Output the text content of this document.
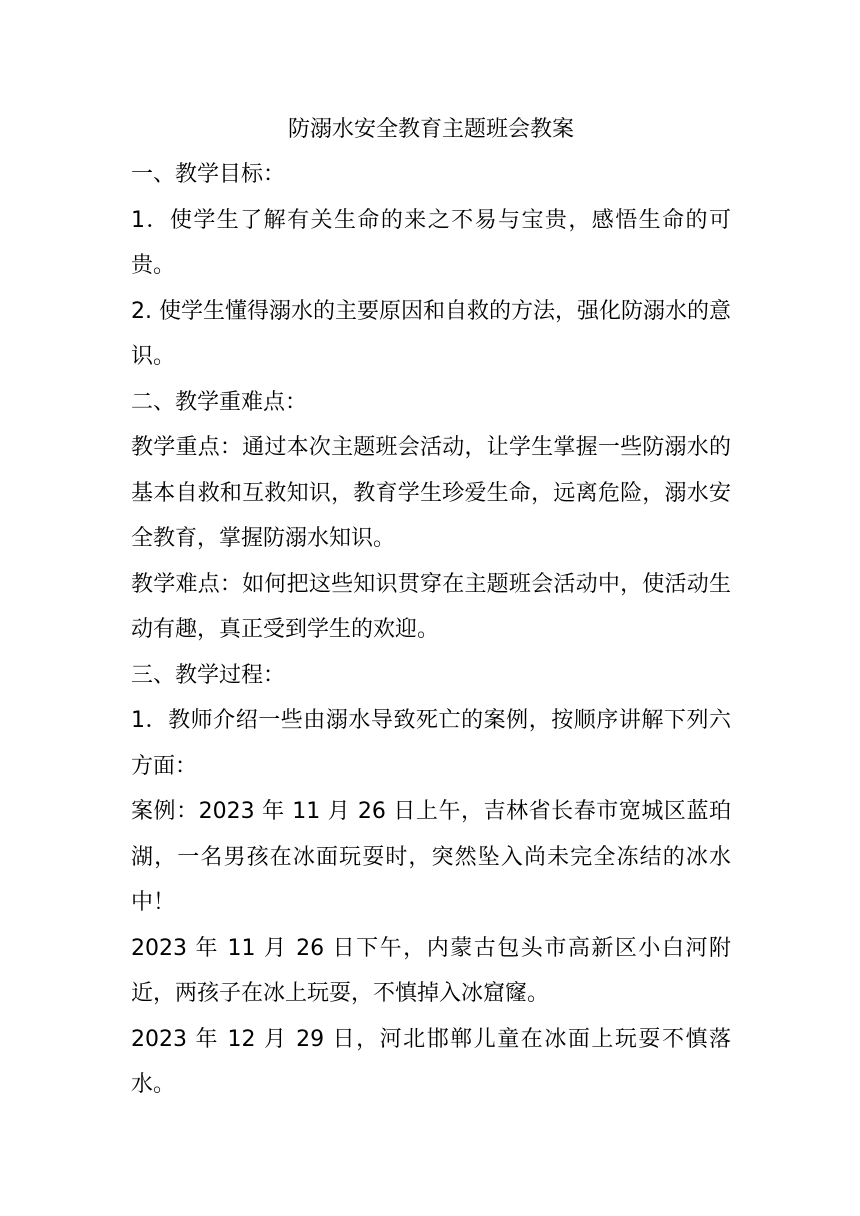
防溺水安全教育主题班会教案

一、教学目标：

1．使学生了解有关生命的来之不易与宝贵，感悟生命的可贵。

2. 使学生懂得溺水的主要原因和自救的方法，强化防溺水的意识。

二、教学重难点：

教学重点：通过本次主题班会活动，让学生掌握一些防溺水的基本自救和互救知识，教育学生珍爱生命，远离危险，溺水安全教育，掌握防溺水知识。

教学难点：如何把这些知识贯穿在主题班会活动中，使活动生动有趣，真正受到学生的欢迎。

三、教学过程：

1．教师介绍一些由溺水导致死亡的案例，按顺序讲解下列六方面：

案例：2023 年 11 月 26 日上午，吉林省长春市宽城区蓝珀湖，一名男孩在冰面玩耍时，突然坠入尚未完全冻结的冰水中！

2023 年 11 月 26 日下午，内蒙古包头市高新区小白河附近，两孩子在冰上玩耍，不慎掉入冰窟窿。

2023 年 12 月 29 日，河北邯郸儿童在冰面上玩耍不慎落水。
